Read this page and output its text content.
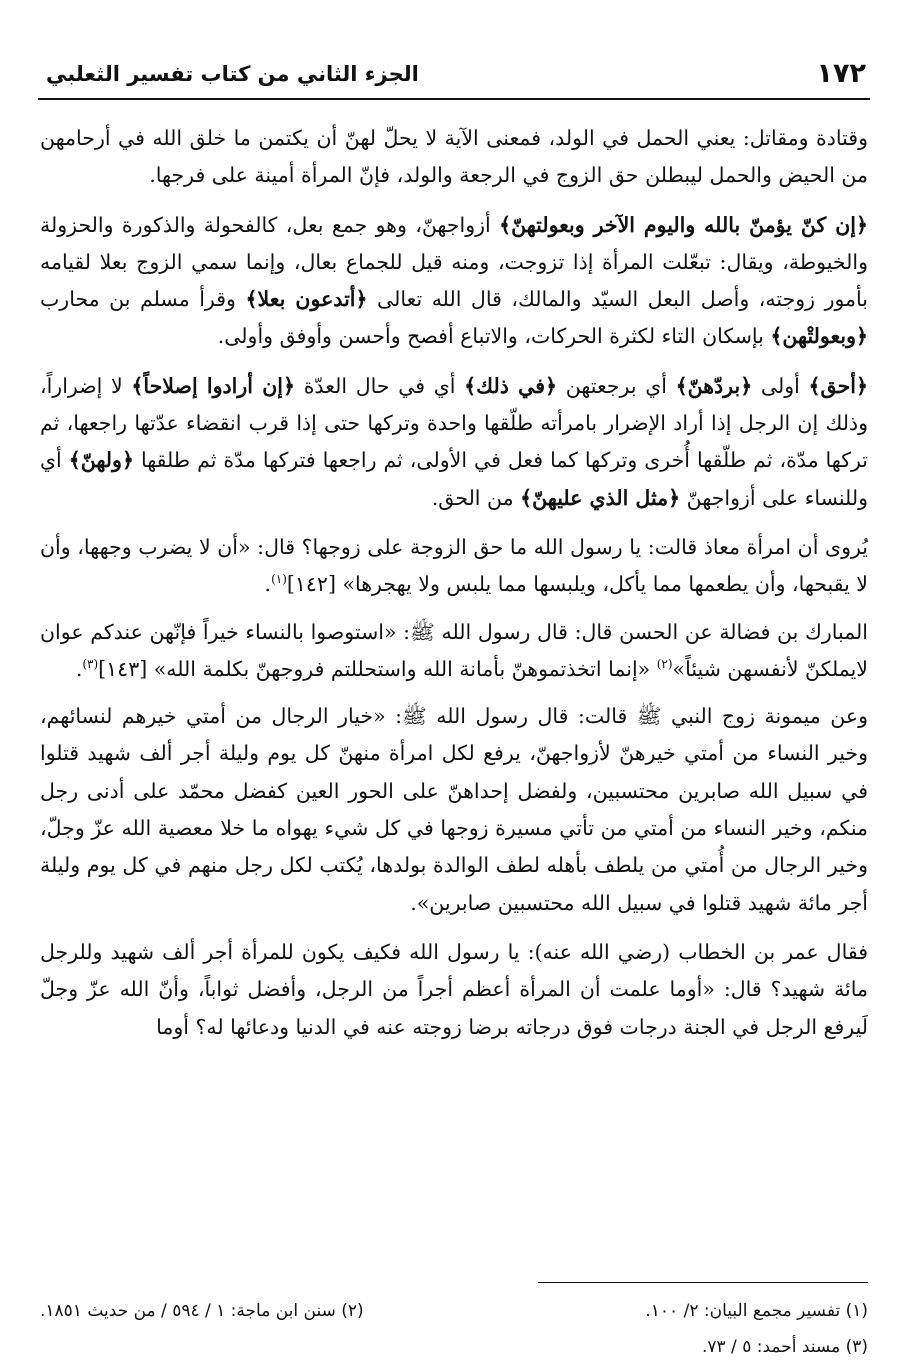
١٧٢
الجزء الثاني من كتاب تفسير الثعلبي

وقتادة ومقاتل: يعني الحمل في الولد، فمعنى الآية لا يحلّ لهنّ أن يكتمن ما خلق الله في أرحامهن من الحيض والحمل ليبطلن حق الزوج في الرجعة والولد، فإنّ المرأة أمينة على فرجها.

﴿إن كنّ يؤمنّ بالله واليوم الآخر وبعولتهنّ﴾ أزواجهنّ، وهو جمع بعل، كالفحولة والذكورة والحزولة والخيوطة، ويقال: تبعّلت المرأة إذا تزوجت، ومنه قيل للجماع بعال، وإنما سمي الزوج بعلا لقيامه بأمور زوجته، وأصل البعل السيّد والمالك، قال الله تعالى ﴿أتدعون بعلا﴾ وقرأ مسلم بن محارب ﴿وبعولتْهن﴾ بإسكان التاء لكثرة الحركات، والاتباع أفصح وأحسن وأوفق وأولى.

﴿أحق﴾ أولى ﴿بردّهنّ﴾ أي برجعتهن ﴿في ذلك﴾ أي في حال العدّة ﴿إن أرادوا إصلاحاً﴾ لا إضراراً، وذلك إن الرجل إذا أراد الإضرار بامرأته طلّقها واحدة وتركها حتى إذا قرب انقضاء عدّتها راجعها، ثم تركها مدّة، ثم طلّقها أُخرى وتركها كما فعل في الأولى، ثم راجعها فتركها مدّة ثم طلقها ﴿ولهنّ﴾ أي وللنساء على أزواجهنّ ﴿مثل الذي عليهنّ﴾ من الحق.

يُروى أن امرأة معاذ قالت: يا رسول الله ما حق الزوجة على زوجها؟ قال: «أن لا يضرب وجهها، وأن لا يقبحها، وأن يطعمها مما يأكل، ويلبسها مما يلبس ولا يهجرها» [١٤٢]$^{(١)}$.

المبارك بن فضالة عن الحسن قال: قال رسول الله ﷺ: «استوصوا بالنساء خيراً فإنّهن عندكم عوان لايملكنّ لأنفسهن شيئاً»$^{(٢)}$ «إنما اتخذتموهنّ بأمانة الله واستحللتم فروجهنّ بكلمة الله» [١٤٣]$^{(٣)}$.

وعن ميمونة زوج النبي ﷺ قالت: قال رسول الله ﷺ: «خيار الرجال من أمتي خيرهم لنسائهم، وخير النساء من أمتي خيرهنّ لأزواجهنّ، يرفع لكل امرأة منهنّ كل يوم وليلة أجر ألف شهيد قتلوا في سبيل الله صابرين محتسبين، ولفضل إحداهنّ على الحور العين كفضل محمّد على أدنى رجل منكم، وخير النساء من أمتي من تأتي مسيرة زوجها في كل شيء يهواه ما خلا معصية الله عزّ وجلّ، وخير الرجال من أُمتي من يلطف بأهله لطف الوالدة بولدها، يُكتب لكل رجل منهم في كل يوم وليلة أجر مائة شهيد قتلوا في سبيل الله محتسبين صابرين».

فقال عمر بن الخطاب (رضي الله عنه): يا رسول الله فكيف يكون للمرأة أجر ألف شهيد وللرجل مائة شهيد؟ قال: «أوما علمت أن المرأة أعظم أجراً من الرجل، وأفضل ثواباً، وأنّ الله عزّ وجلّ لَيرفع الرجل في الجنة درجات فوق درجاته برضا زوجته عنه في الدنيا ودعائها له؟ أوما

(١) تفسير مجمع البيان: ٢/ ١٠٠.
(٢) سنن ابن ماجة: ١ / ٥٩٤ / من حديث ١٨٥١.
(٣) مسند أحمد: ٥ / ٧٣.
